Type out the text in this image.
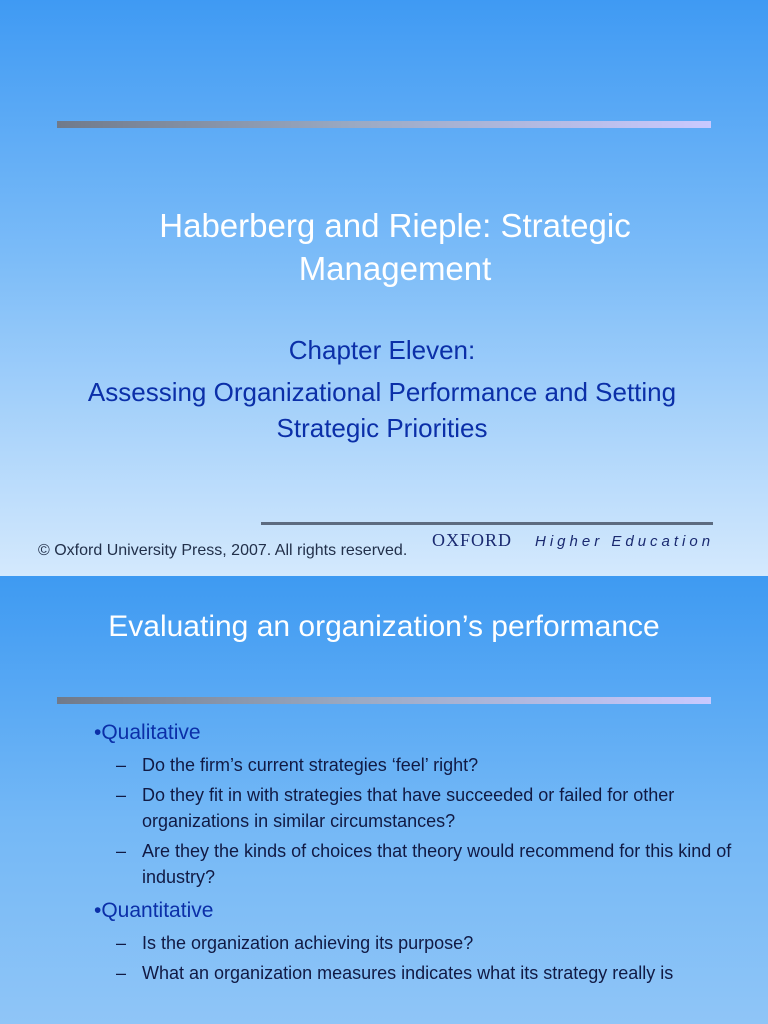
Haberberg and Rieple: Strategic Management
Chapter Eleven:
Assessing Organizational Performance and Setting Strategic Priorities
© Oxford University Press, 2007. All rights reserved.
OXFORD Higher Education
•Qualitative
– Do the firm’s current strategies ‘feel’ right?
– Do they fit in with strategies that have succeeded or failed for other organizations in similar circumstances?
– Are they the kinds of choices that theory would recommend for this kind of industry?
•Quantitative
– Is the organization achieving its purpose?
– What an organization measures indicates what its strategy really is
Evaluating an organization’s performance
